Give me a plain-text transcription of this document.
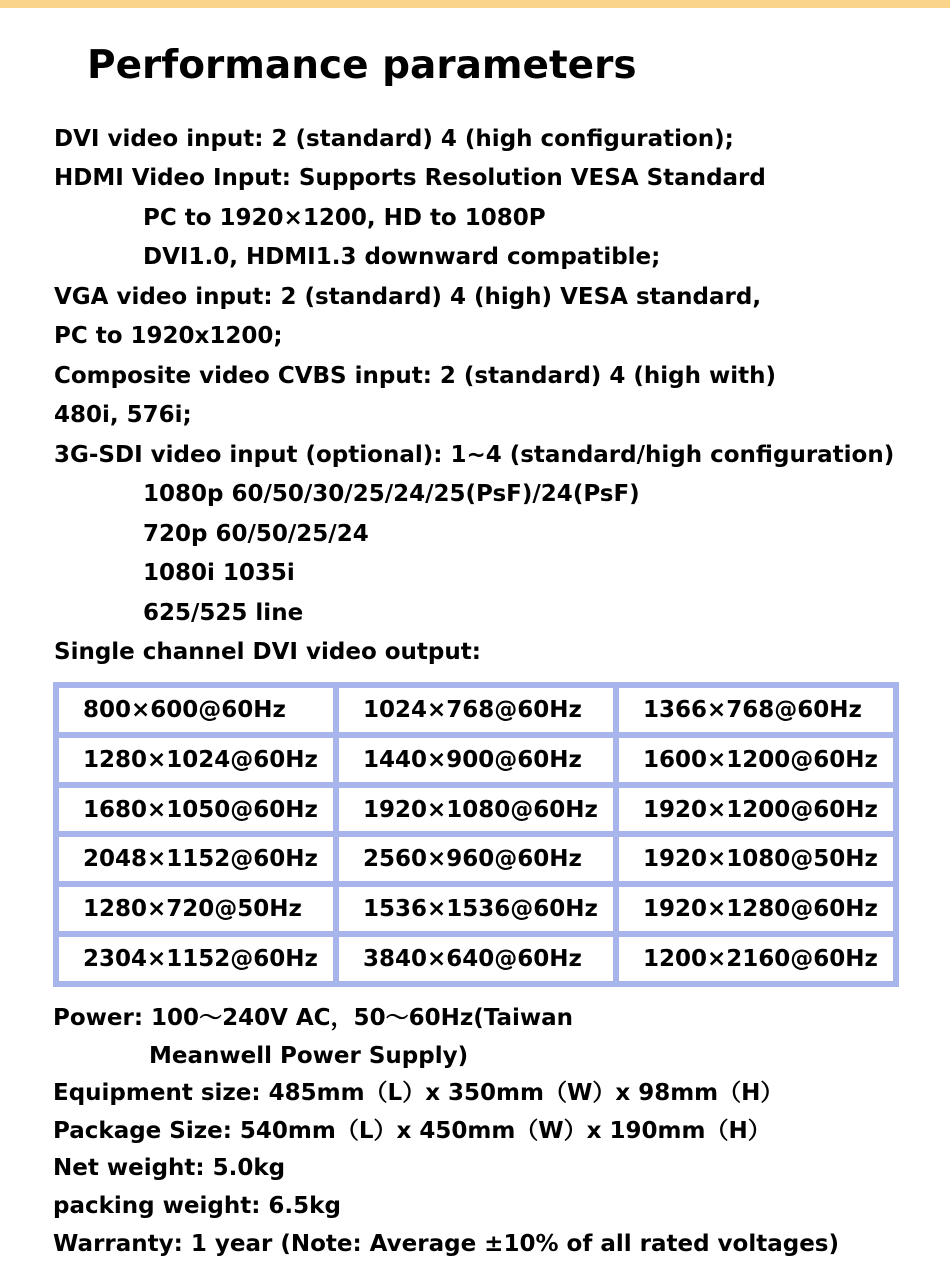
Performance parameters
DVI video input: 2 (standard) 4 (high configuration);
HDMI Video Input: Supports Resolution VESA Standard
PC to 1920×1200, HD to 1080P
DVI1.0, HDMI1.3 downward compatible;
VGA video input: 2 (standard) 4 (high) VESA standard,
PC to 1920x1200;
Composite video CVBS input: 2 (standard) 4 (high with)
480i, 576i;
3G-SDI video input (optional): 1~4 (standard/high configuration)
1080p 60/50/30/25/24/25(PsF)/24(PsF)
720p 60/50/25/24
1080i 1035i
625/525 line
Single channel DVI video output:
800×600@60Hz	1024×768@60Hz	1366×768@60Hz
1280×1024@60Hz	1440×900@60Hz	1600×1200@60Hz
1680×1050@60Hz	1920×1080@60Hz	1920×1200@60Hz
2048×1152@60Hz	2560×960@60Hz	1920×1080@50Hz
1280×720@50Hz	1536×1536@60Hz	1920×1280@60Hz
2304×1152@60Hz	3840×640@60Hz	1200×2160@60Hz
Power: 100～240V AC，50～60Hz(Taiwan
Meanwell Power Supply)
Equipment size: 485mm（L）x 350mm（W）x 98mm（H）
Package Size: 540mm（L）x 450mm（W）x 190mm（H）
Net weight: 5.0kg
packing weight: 6.5kg
Warranty: 1 year (Note: Average ±10% of all rated voltages)
